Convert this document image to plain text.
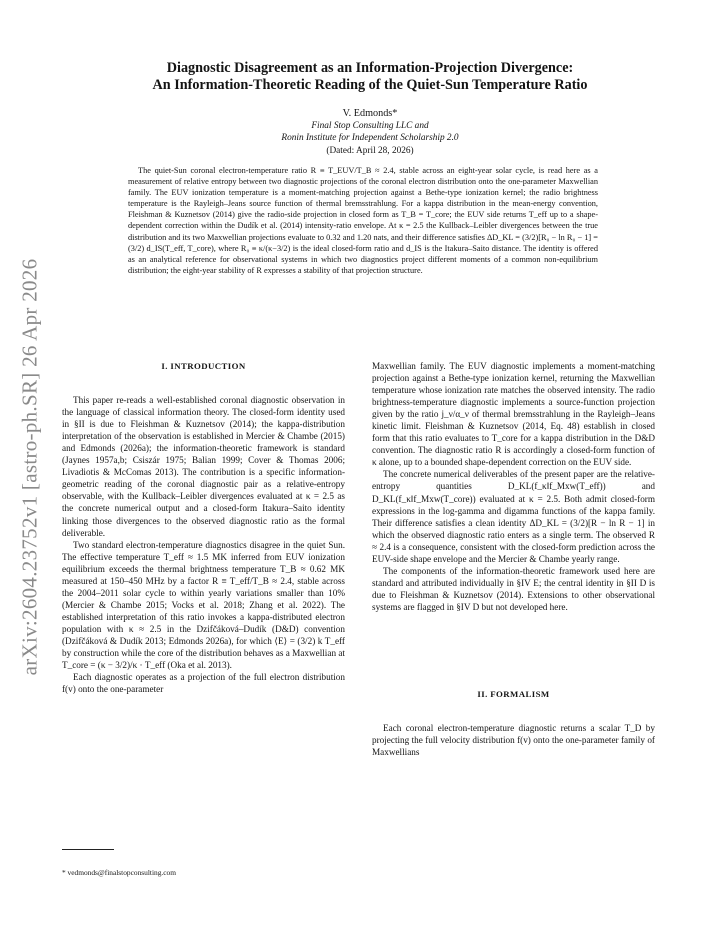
arXiv:2604.23752v1 [astro-ph.SR] 26 Apr 2026
Diagnostic Disagreement as an Information-Projection Divergence:
An Information-Theoretic Reading of the Quiet-Sun Temperature Ratio
V. Edmonds*
Final Stop Consulting LLC and
Ronin Institute for Independent Scholarship 2.0
(Dated: April 28, 2026)
The quiet-Sun coronal electron-temperature ratio R ≡ T_EUV/T_B ≈ 2.4, stable across an eight-year solar cycle, is read here as a measurement of relative entropy between two diagnostic projections of the coronal electron distribution onto the one-parameter Maxwellian family. The EUV ionization temperature is a moment-matching projection against a Bethe-type ionization kernel; the radio brightness temperature is the Rayleigh–Jeans source function of thermal bremsstrahlung. For a kappa distribution in the mean-energy convention, Fleishman & Kuznetsov (2014) give the radio-side projection in closed form as T_B = T_core; the EUV side returns T_eff up to a shape-dependent correction within the Dudík et al. (2014) intensity-ratio envelope. At κ = 2.5 the Kullback–Leibler divergences between the true distribution and its two Maxwellian projections evaluate to 0.32 and 1.20 nats, and their difference satisfies ΔD_KL = (3/2)[R₀ − ln R₀ − 1] = (3/2) d_IS(T_eff, T_core), where R₀ ≡ κ/(κ−3/2) is the ideal closed-form ratio and d_IS is the Itakura–Saito distance. The identity is offered as an analytical reference for observational systems in which two diagnostics project different moments of a common non-equilibrium distribution; the eight-year stability of R expresses a stability of that projection structure.

I. INTRODUCTION

This paper re-reads a well-established coronal diagnostic observation in the language of classical information theory. The closed-form identity used in §II is due to Fleishman & Kuznetsov (2014); the kappa-distribution interpretation of the observation is established in Mercier & Chambe (2015) and Edmonds (2026a); the information-theoretic framework is standard (Jaynes 1957a,b; Csiszár 1975; Balian 1999; Cover & Thomas 2006; Livadiotis & McComas 2013). The contribution is a specific information-geometric reading of the coronal diagnostic pair as a relative-entropy observable, with the Kullback–Leibler divergences evaluated at κ = 2.5 as the concrete numerical output and a closed-form Itakura–Saito identity linking those divergences to the observed diagnostic ratio as the formal deliverable.

Two standard electron-temperature diagnostics disagree in the quiet Sun. The effective temperature T_eff ≈ 1.5 MK inferred from EUV ionization equilibrium exceeds the thermal brightness temperature T_B ≈ 0.62 MK measured at 150–450 MHz by a factor R ≡ T_eff/T_B ≈ 2.4, stable across the 2004–2011 solar cycle to within yearly variations smaller than 10% (Mercier & Chambe 2015; Vocks et al. 2018; Zhang et al. 2022). The established interpretation of this ratio invokes a kappa-distributed electron population with κ ≈ 2.5 in the Dzifčáková–Dudík (D&D) convention (Dzifčáková & Dudík 2013; Edmonds 2026a), for which ⟨E⟩ = (3/2) k T_eff by construction while the core of the distribution behaves as a Maxwellian at T_core = (κ − 3/2)/κ · T_eff (Oka et al. 2013).

Each diagnostic operates as a projection of the full electron distribution f(v) onto the one-parameter

Maxwellian family. The EUV diagnostic implements a moment-matching projection against a Bethe-type ionization kernel, returning the Maxwellian temperature whose ionization rate matches the observed intensity. The radio brightness-temperature diagnostic implements a source-function projection given by the ratio j_ν/α_ν of thermal bremsstrahlung in the Rayleigh–Jeans kinetic limit. Fleishman & Kuznetsov (2014, Eq. 48) establish in closed form that this ratio evaluates to T_core for a kappa distribution in the D&D convention. The diagnostic ratio R is accordingly a closed-form function of κ alone, up to a bounded shape-dependent correction on the EUV side.

The concrete numerical deliverables of the present paper are the relative-entropy quantities D_KL(f_κ‖f_Mxw(T_eff)) and D_KL(f_κ‖f_Mxw(T_core)) evaluated at κ = 2.5. Both admit closed-form expressions in the log-gamma and digamma functions of the kappa family. Their difference satisfies a clean identity ΔD_KL = (3/2)[R − ln R − 1] in which the observed diagnostic ratio enters as a single term. The observed R ≈ 2.4 is a consequence, consistent with the closed-form prediction across the EUV-side shape envelope and the Mercier & Chambe yearly range.

The components of the information-theoretic framework used here are standard and attributed individually in §IV E; the central identity in §II D is due to Fleishman & Kuznetsov (2014). Extensions to other observational systems are flagged in §IV D but not developed here.

II. FORMALISM

Each coronal electron-temperature diagnostic returns a scalar T_D by projecting the full velocity distribution f(v) onto the one-parameter family of Maxwellians

* vedmonds@finalstopconsulting.com
